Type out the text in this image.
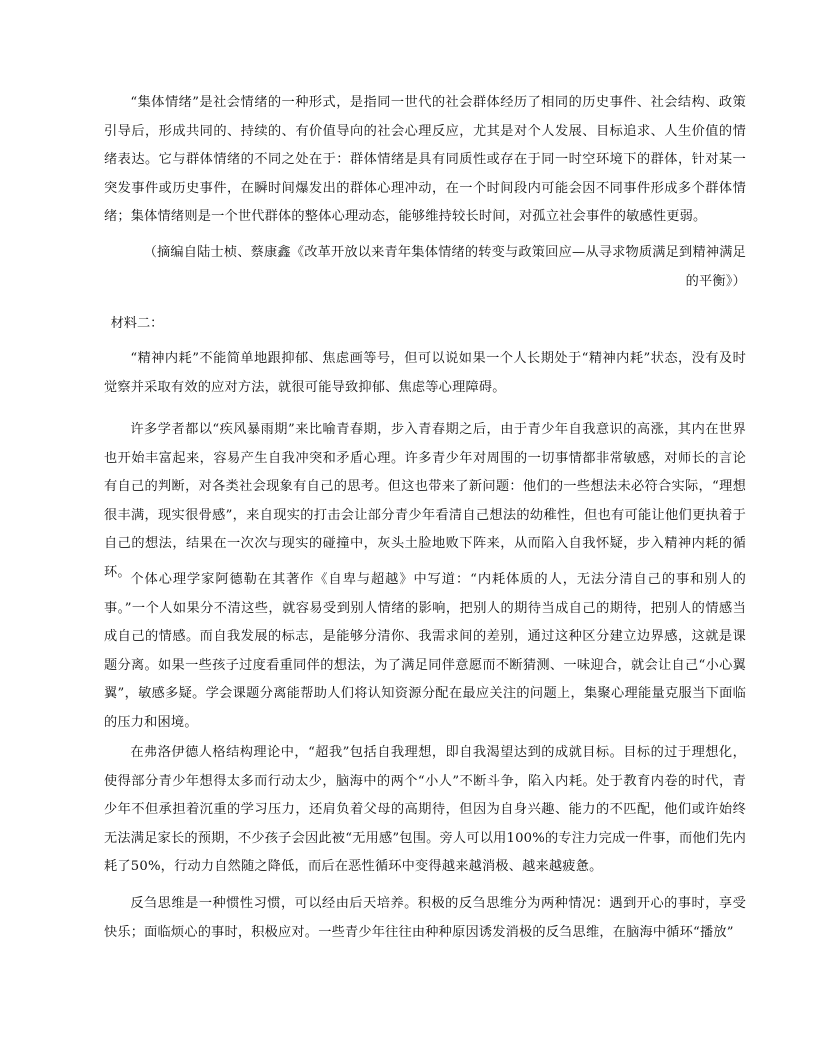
“集体情绪”是社会情绪的一种形式，是指同一世代的社会群体经历了相同的历史事件、社会结构、政策引导后，形成共同的、持续的、有价值导向的社会心理反应，尤其是对个人发展、目标追求、人生价值的情绪表达。它与群体情绪的不同之处在于：群体情绪是具有同质性或存在于同一时空环境下的群体，针对某一突发事件或历史事件，在瞬时间爆发出的群体心理冲动，在一个时间段内可能会因不同事件形成多个群体情绪；集体情绪则是一个世代群体的整体心理动态，能够维持较长时间，对孤立社会事件的敏感性更弱。

（摘编自陆士桢、蔡康鑫《改革开放以来青年集体情绪的转变与政策回应—从寻求物质满足到精神满足
的平衡》）

材料二：

“精神内耗”不能简单地跟抑郁、焦虑画等号，但可以说如果一个人长期处于“精神内耗”状态，没有及时觉察并采取有效的应对方法，就很可能导致抑郁、焦虑等心理障碍。

许多学者都以“疾风暴雨期”来比喻青春期，步入青春期之后，由于青少年自我意识的高涨，其内在世界也开始丰富起来，容易产生自我冲突和矛盾心理。许多青少年对周围的一切事情都非常敏感，对师长的言论有自己的判断，对各类社会现象有自己的思考。但这也带来了新问题：他们的一些想法未必符合实际，“理想很丰满，现实很骨感”，来自现实的打击会让部分青少年看清自己想法的幼稚性，但也有可能让他们更执着于自己的想法，结果在一次次与现实的碰撞中，灰头土脸地败下阵来，从而陷入自我怀疑，步入精神内耗的循环。 个体心理学家阿德勒在其著作《自卑与超越》中写道：“内耗体质的人，无法分清自己的事和别人的事。”一个人如果分不清这些，就容易受到别人情绪的影响，把别人的期待当成自己的期待，把别人的情感当成自己的情感。而自我发展的标志，是能够分清你、我需求间的差别，通过这种区分建立边界感，这就是课题分离。如果一些孩子过度看重同伴的想法，为了满足同伴意愿而不断猜测、一味迎合，就会让自己“小心翼翼”，敏感多疑。学会课题分离能帮助人们将认知资源分配在最应关注的问题上，集聚心理能量克服当下面临的压力和困境。

在弗洛伊德人格结构理论中，“超我”包括自我理想，即自我渴望达到的成就目标。目标的过于理想化，使得部分青少年想得太多而行动太少，脑海中的两个“小人”不断斗争，陷入内耗。处于教育内卷的时代，青少年不但承担着沉重的学习压力，还肩负着父母的高期待，但因为自身兴趣、能力的不匹配，他们或许始终无法满足家长的预期，不少孩子会因此被“无用感”包围。旁人可以用100%的专注力完成一件事，而他们先内耗了50%，行动力自然随之降低，而后在恶性循环中变得越来越消极、越来越疲惫。

反刍思维是一种惯性习惯，可以经由后天培养。积极的反刍思维分为两种情况：遇到开心的事时，享受快乐；面临烦心的事时，积极应对。一些青少年往往由种种原因诱发消极的反刍思维，在脑海中循环“播放”
